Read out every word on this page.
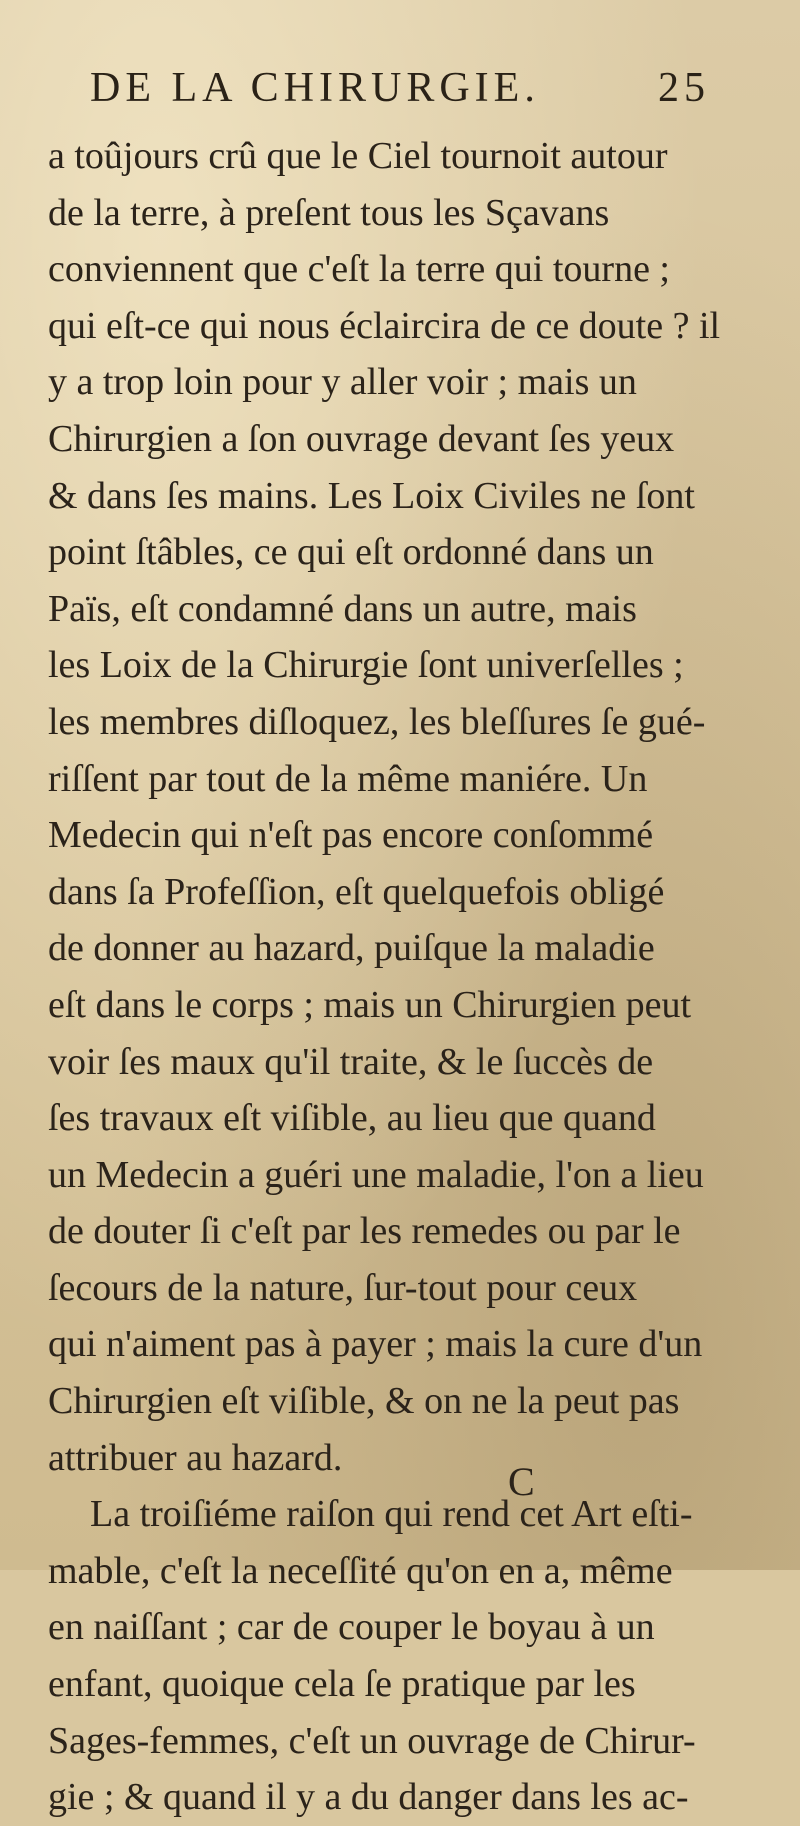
DE LA CHIRURGIE.	25
a toûjours crû que le Ciel tournoit autour
de la terre, à preſent tous les Sçavans
conviennent que c'eſt la terre qui tourne ;
qui eſt-ce qui nous éclaircira de ce doute ? il
y a trop loin pour y aller voir ; mais un
Chirurgien a ſon ouvrage devant ſes yeux
& dans ſes mains. Les Loix Civiles ne ſont
point ſtâbles, ce qui eſt ordonné dans un
Païs, eſt condamné dans un autre, mais
les Loix de la Chirurgie ſont univerſelles ;
les membres diſloquez, les bleſſures ſe gué-
riſſent par tout de la même maniére. Un
Medecin qui n'eſt pas encore conſommé
dans ſa Profeſſion, eſt quelquefois obligé
de donner au hazard, puiſque la maladie
eſt dans le corps ; mais un Chirurgien peut
voir ſes maux qu'il traite, & le ſuccès de
ſes travaux eſt viſible, au lieu que quand
un Medecin a guéri une maladie, l'on a lieu
de douter ſi c'eſt par les remedes ou par le
ſecours de la nature, ſur-tout pour ceux
qui n'aiment pas à payer ; mais la cure d'un
Chirurgien eſt viſible, & on ne la peut pas
attribuer au hazard.
La troiſiéme raiſon qui rend cet Art eſti-
mable, c'eſt la neceſſité qu'on en a, même
en naiſſant ; car de couper le boyau à un
enfant, quoique cela ſe pratique par les
Sages-femmes, c'eſt un ouvrage de Chirur-
gie ; & quand il y a du danger dans les ac-
C
